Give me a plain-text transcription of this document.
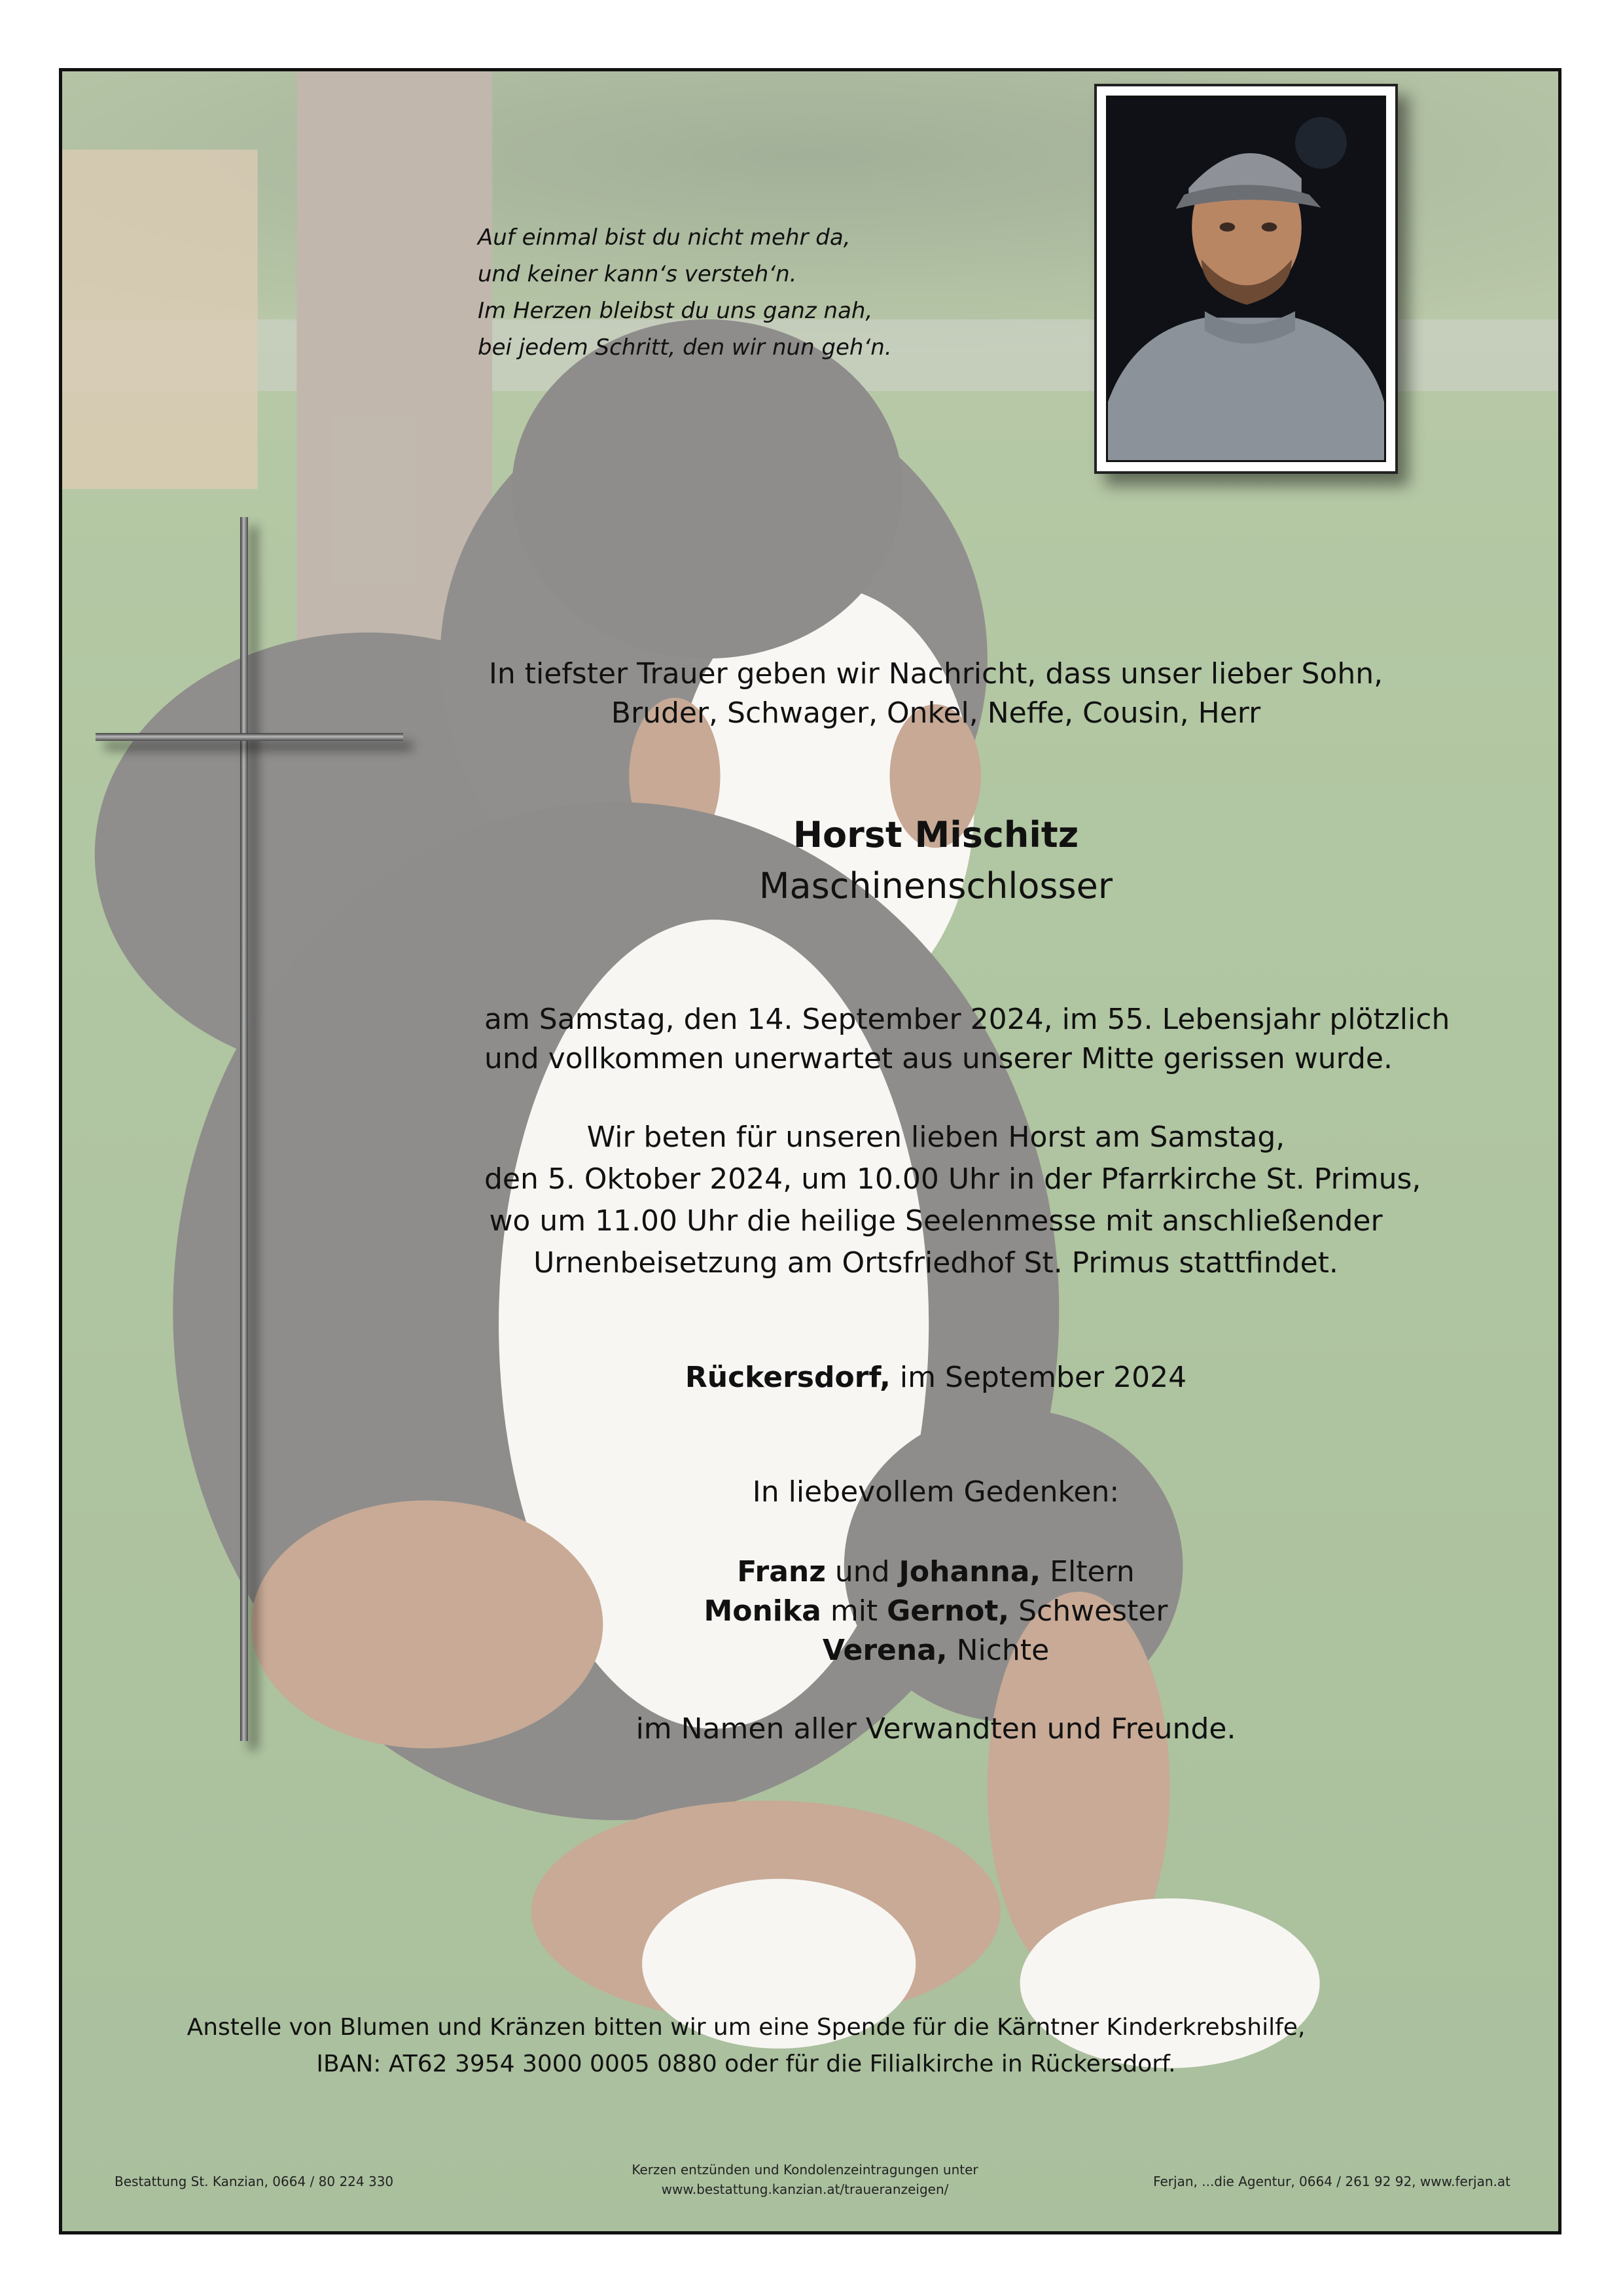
Auf einmal bist du nicht mehr da,
und keiner kann‘s versteh‘n.
Im Herzen bleibst du uns ganz nah,
bei jedem Schritt, den wir nun geh‘n.
In tiefster Trauer geben wir Nachricht, dass unser lieber Sohn,
Bruder, Schwager, Onkel, Neffe, Cousin, Herr
Horst Mischitz
Maschinenschlosser
am Samstag, den 14. September 2024, im 55. Lebensjahr plötzlich
und vollkommen unerwartet aus unserer Mitte gerissen wurde.
Wir beten für unseren lieben Horst am Samstag,
den 5. Oktober 2024, um 10.00 Uhr in der Pfarrkirche St. Primus,
wo um 11.00 Uhr die heilige Seelenmesse mit anschließender
Urnenbeisetzung am Ortsfriedhof St. Primus stattfindet.
Rückersdorf, im September 2024
In liebevollem Gedenken:
Franz und Johanna, Eltern
Monika mit Gernot, Schwester
Verena, Nichte
im Namen aller Verwandten und Freunde.
Anstelle von Blumen und Kränzen bitten wir um eine Spende für die Kärntner Kinderkrebshilfe,
IBAN: AT62 3954 3000 0005 0880 oder für die Filialkirche in Rückersdorf.
Bestattung St. Kanzian, 0664 / 80 224 330
Kerzen entzünden und Kondolenzeintragungen unter
www.bestattung.kanzian.at/traueranzeigen/	Ferjan, ...die Agentur, 0664 / 261 92 92, www.ferjan.at
